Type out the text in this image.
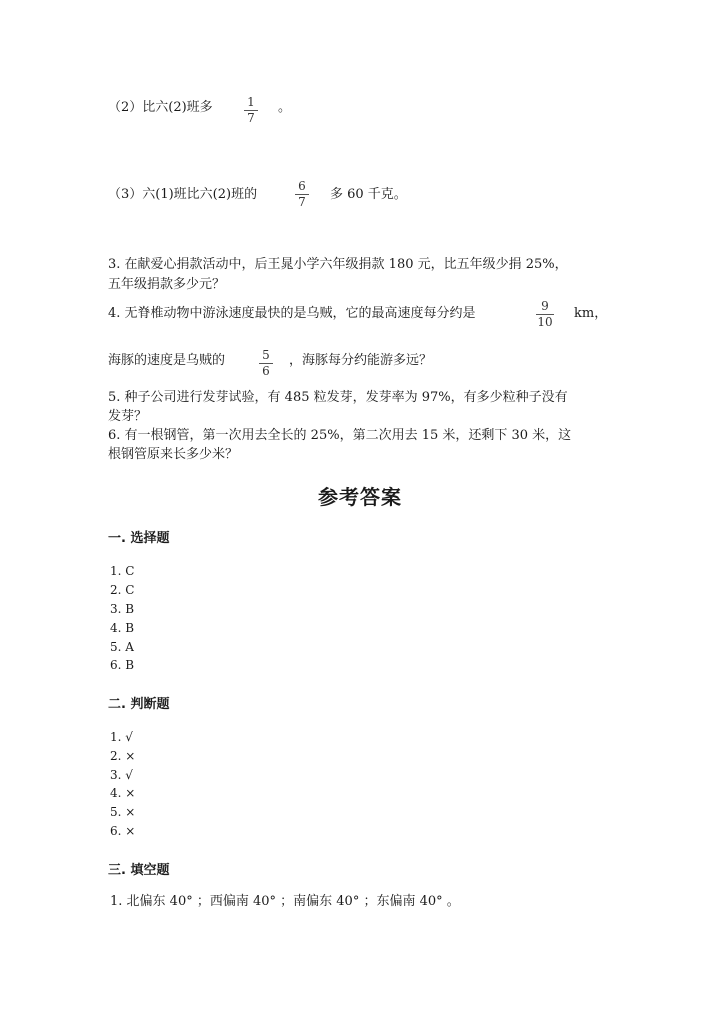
（2）比六(2)班多	1
7
。
（3）六(1)班比六(2)班的
6
7 多 60 千克。
3. 在献爱心捐款活动中，后王晁小学六年级捐款 180 元，比五年级少捐 25%，
五年级捐款多少元？
4. 无脊椎动物中游泳速度最快的是乌贼，它的最高速度每分约是	9
10
km，
海豚的速度是乌贼的	5
6
，海豚每分约能游多远？
5. 种子公司进行发芽试验，有 485 粒发芽，发芽率为 97%，有多少粒种子没有
发芽？
6. 有一根钢管，第一次用去全长的 25%，第二次用去 15 米，还剩下 30 米，这
根钢管原来长多少米？
参考答案
一. 选择题
1. C
2. C
3. B
4. B
5. A
6. B
二. 判断题
1. √
2. ×
3. √
4. ×
5. ×
6. ×
三. 填空题
1. 北偏东 40° ；西偏南 40° ；南偏东 40° ；东偏南 40° 。
